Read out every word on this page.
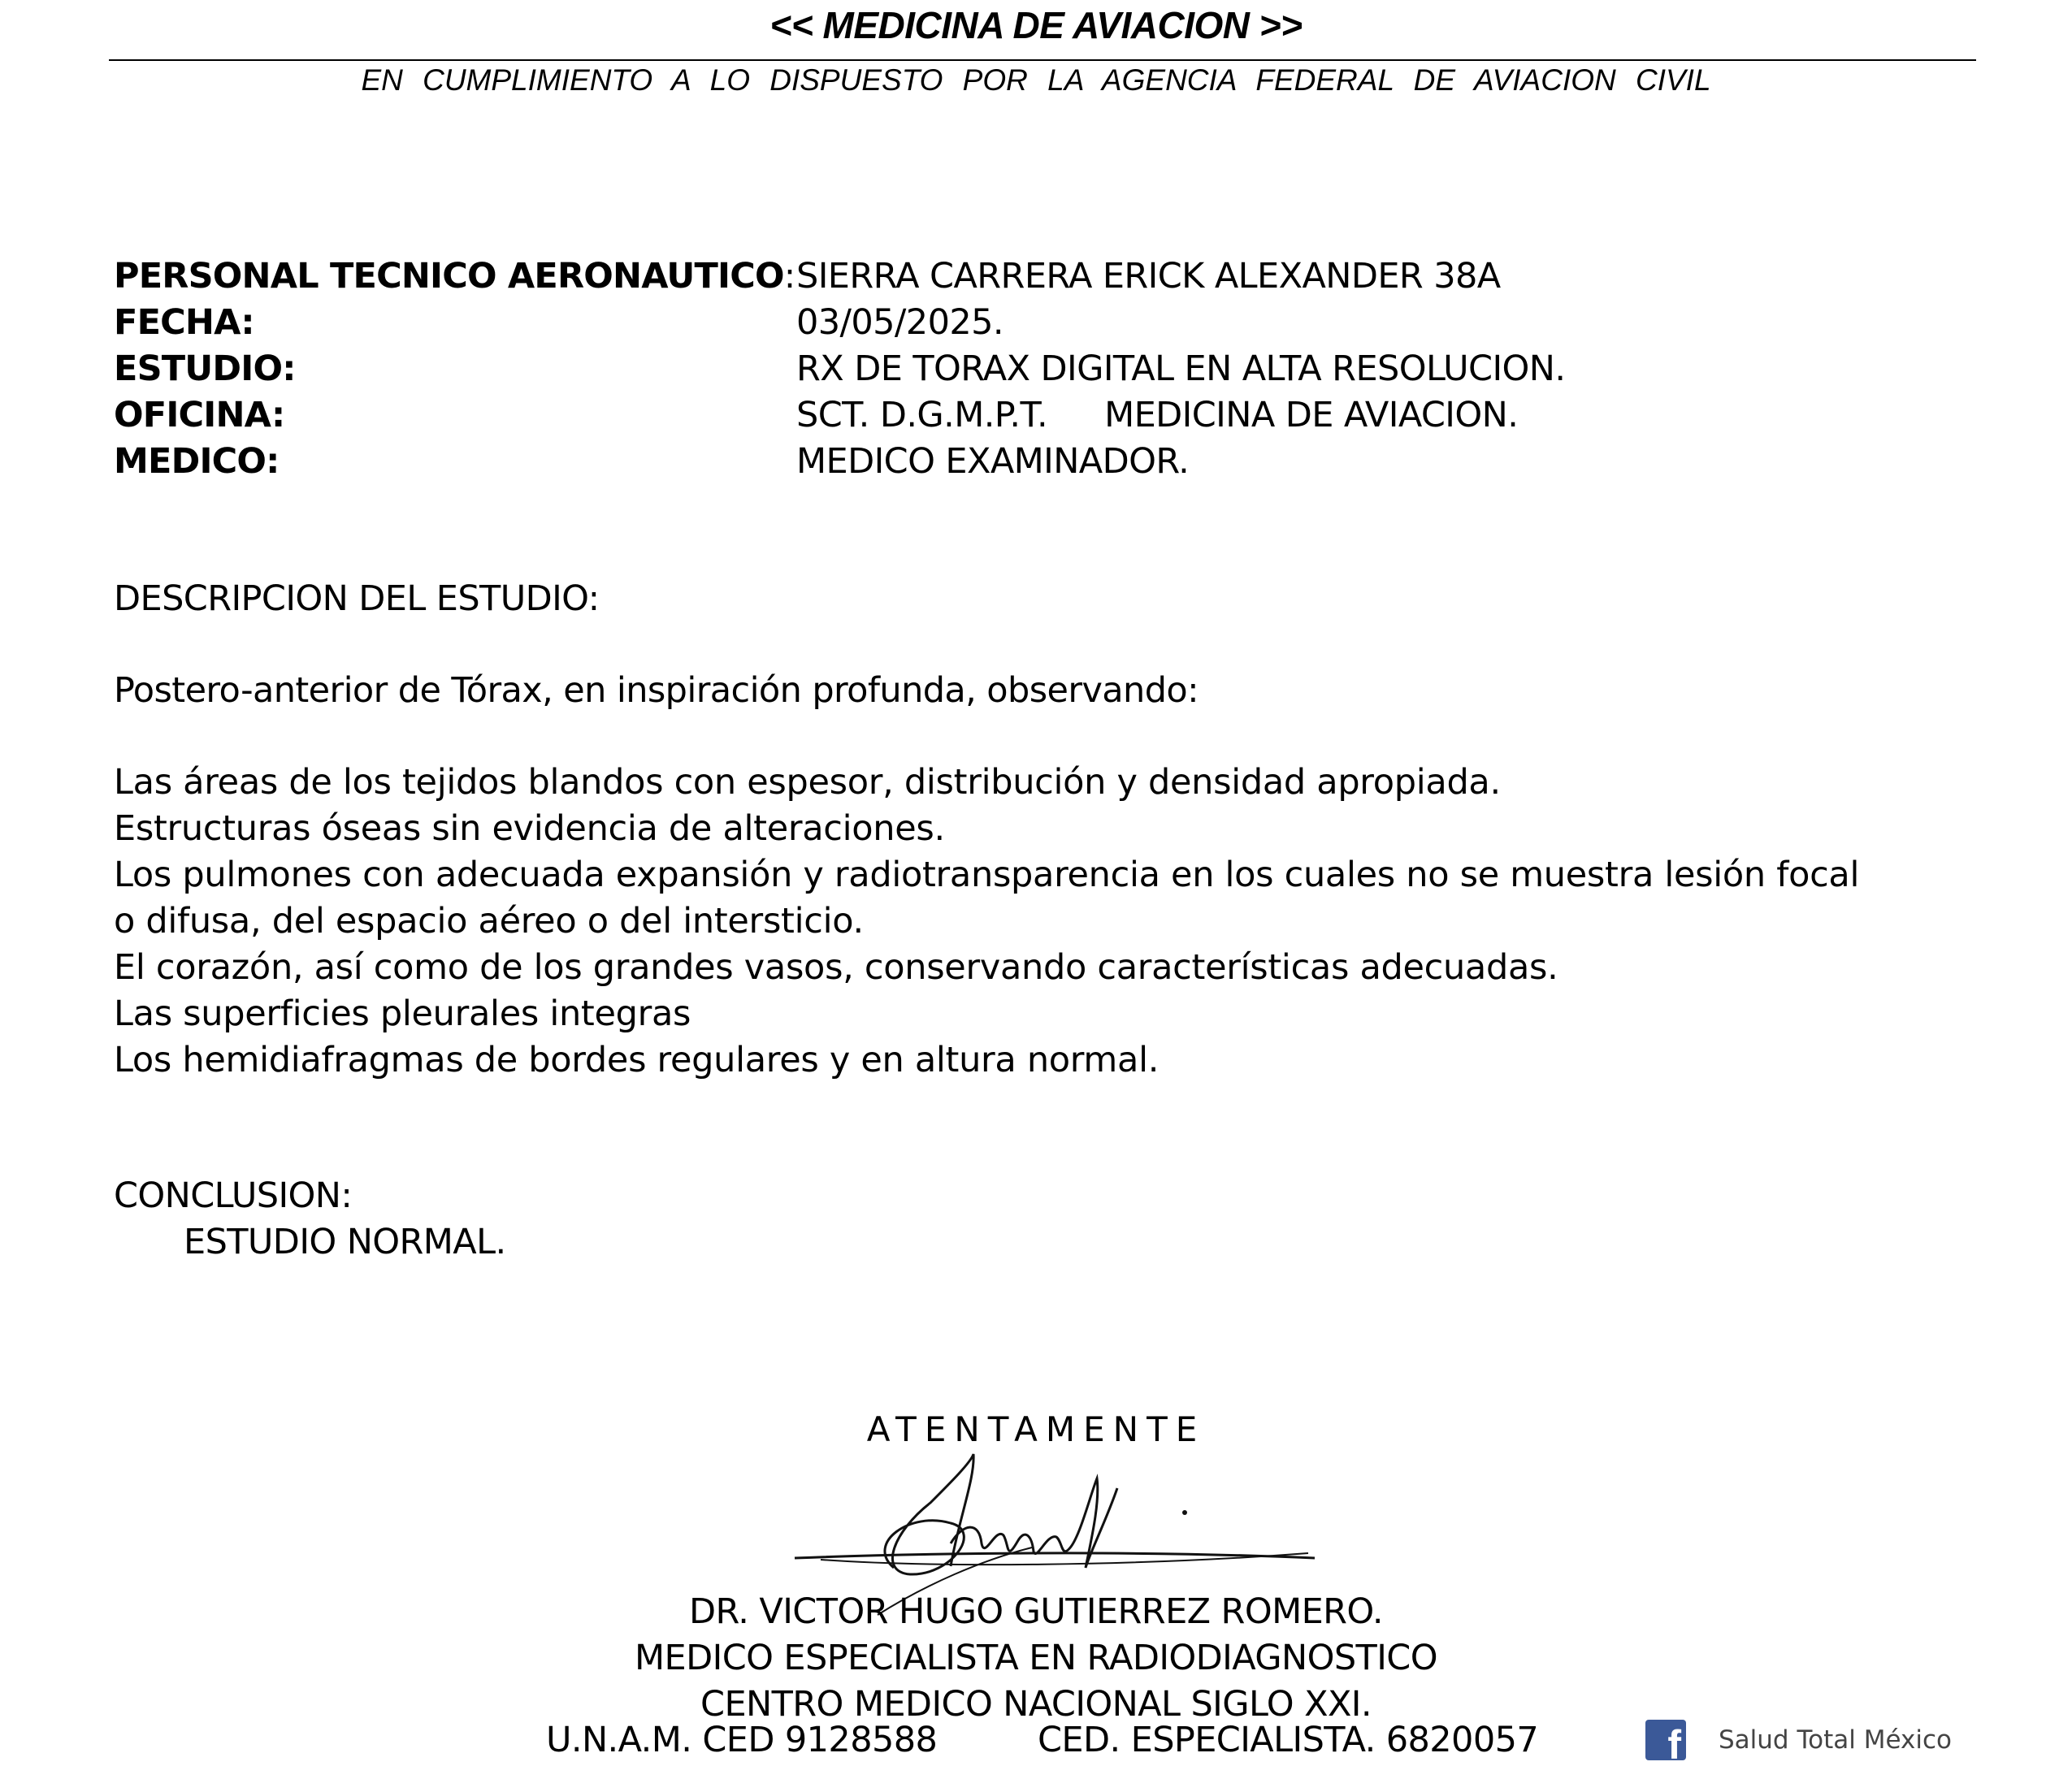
<< MEDICINA DE AVIACION >>
EN CUMPLIMIENTO A LO DISPUESTO POR LA AGENCIA FEDERAL DE AVIACION CIVIL
PERSONAL TECNICO AERONAUTICO: SIERRA CARRERA ERICK ALEXANDER 38A
FECHA:	03/05/2025.
ESTUDIO:	RX DE TORAX DIGITAL EN ALTA RESOLUCION.
OFICINA:	SCT. D.G.M.P.T. MEDICINA DE AVIACION.
MEDICO:	MEDICO EXAMINADOR.
DESCRIPCION DEL ESTUDIO:
Postero-anterior de Tórax, en inspiración profunda, observando:
Las áreas de los tejidos blandos con espesor, distribución y densidad apropiada.
Estructuras óseas sin evidencia de alteraciones.
Los pulmones con adecuada expansión y radiotransparencia en los cuales no se muestra lesión focal
o difusa, del espacio aéreo o del intersticio.
El corazón, así como de los grandes vasos, conservando características adecuadas.
Las superficies pleurales integras
Los hemidiafragmas de bordes regulares y en altura normal.
CONCLUSION:
ESTUDIO NORMAL.
ATENTAMENTE
DR. VICTOR HUGO GUTIERREZ ROMERO.
MEDICO ESPECIALISTA EN RADIODIAGNOSTICO
CENTRO MEDICO NACIONAL SIGLO XXI.
U.N.A.M. CED 9128588	CED. ESPECIALISTA. 6820057	f Salud Total México
